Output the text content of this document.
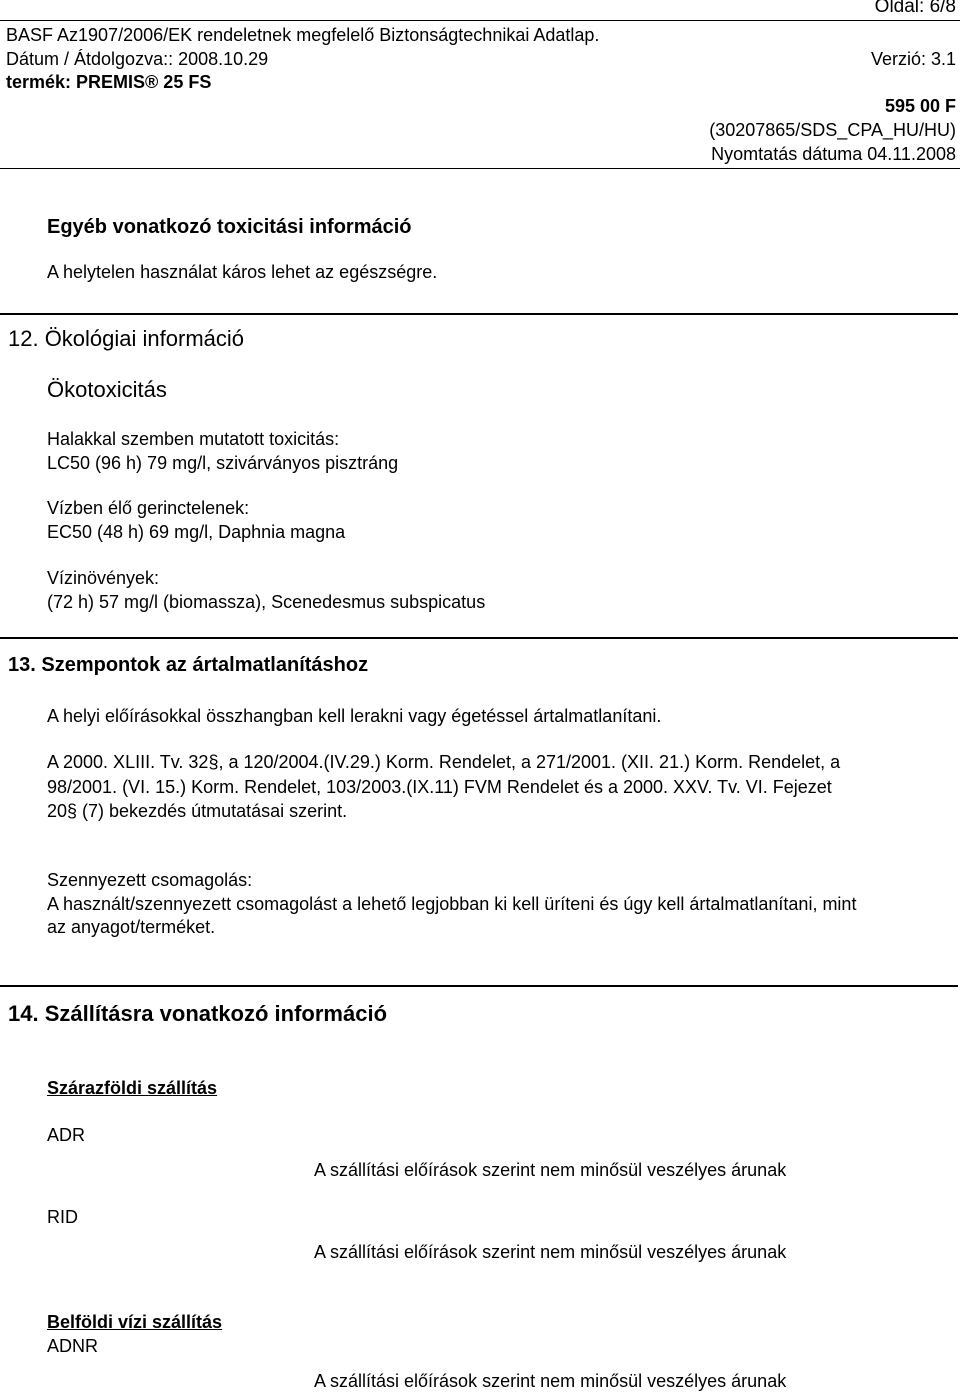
Oldal: 6/8
BASF Az1907/2006/EK rendeletnek megfelelő Biztonságtechnikai Adatlap.
Dátum / Átdolgozva:: 2008.10.29	Verzió: 3.1
termék: PREMIS® 25 FS
595 00 F
(30207865/SDS_CPA_HU/HU)
Nyomtatás dátuma 04.11.2008
Egyéb vonatkozó toxicitási információ
A helytelen használat káros lehet az egészségre.
12. Ökológiai információ
Ökotoxicitás
Halakkal szemben mutatott toxicitás:
LC50 (96 h) 79 mg/l, szivárványos pisztráng
Vízben élő gerinctelenek:
EC50 (48 h) 69 mg/l, Daphnia magna
Vízinövények:
(72 h) 57 mg/l (biomassza), Scenedesmus subspicatus
13. Szempontok az ártalmatlanításhoz
A helyi előírásokkal összhangban kell lerakni vagy égetéssel ártalmatlanítani.
A 2000. XLIII. Tv. 32§, a 120/2004.(IV.29.) Korm. Rendelet, a 271/2001. (XII. 21.) Korm. Rendelet, a
98/2001. (VI. 15.) Korm. Rendelet, 103/2003.(IX.11) FVM Rendelet és a 2000. XXV. Tv. VI. Fejezet
20§ (7) bekezdés útmutatásai szerint.
Szennyezett csomagolás:
A használt/szennyezett csomagolást a lehető legjobban ki kell üríteni és úgy kell ártalmatlanítani, mint
az anyagot/terméket.
14. Szállításra vonatkozó információ
Szárazföldi szállítás
ADR
A szállítási előírások szerint nem minősül veszélyes árunak
RID
A szállítási előírások szerint nem minősül veszélyes árunak
Belföldi vízi szállítás
ADNR
A szállítási előírások szerint nem minősül veszélyes árunak
